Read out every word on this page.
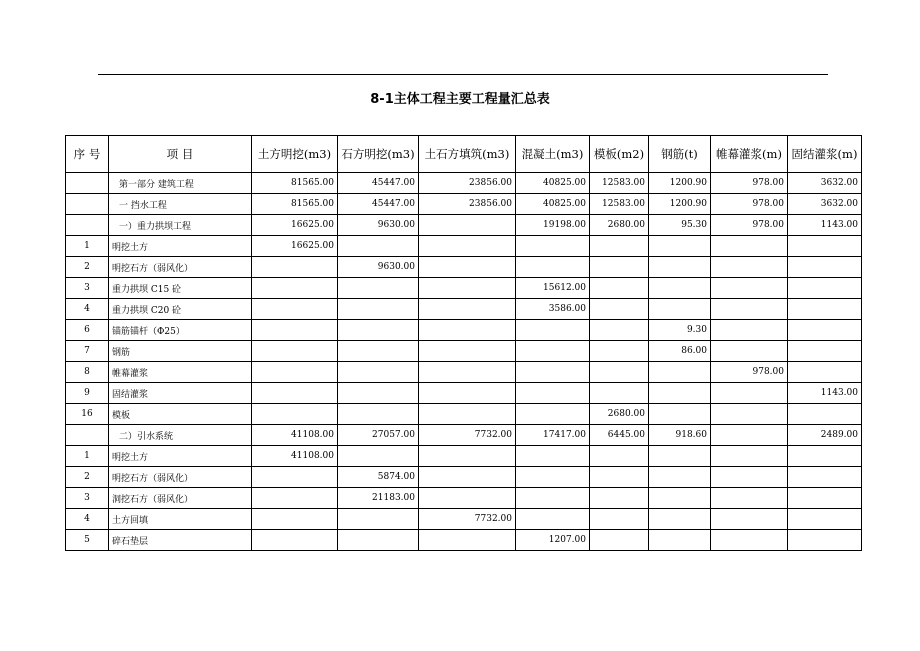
8-1主体工程主要工程量汇总表
序 号	项 目	土方明挖(m3)	石方明挖(m3)	土石方填筑(m3)	混凝土(m3)	模板(m2)	钢筋(t)	帷幕灌浆(m)	固结灌浆(m)
	第一部分 建筑工程	81565.00	45447.00	23856.00	40825.00	12583.00	1200.90	978.00	3632.00
	一 挡水工程	81565.00	45447.00	23856.00	40825.00	12583.00	1200.90	978.00	3632.00
	一）重力拱坝工程	16625.00	9630.00		19198.00	2680.00	95.30	978.00	1143.00
1	明挖土方	16625.00							
2	明挖石方（弱风化）		9630.00						
3	重力拱坝 C15 砼				15612.00				
4	重力拱坝 C20 砼				3586.00				
6	锚筋锚杆（Φ25）						9.30		
7	钢筋						86.00		
8	帷幕灌浆							978.00	
9	固结灌浆								1143.00
16	模板					2680.00			
	二）引水系统	41108.00	27057.00	7732.00	17417.00	6445.00	918.60		2489.00
1	明挖土方	41108.00							
2	明挖石方（弱风化）		5874.00						
3	洞挖石方（弱风化）		21183.00						
4	土方回填			7732.00					
5	碎石垫层				1207.00				
